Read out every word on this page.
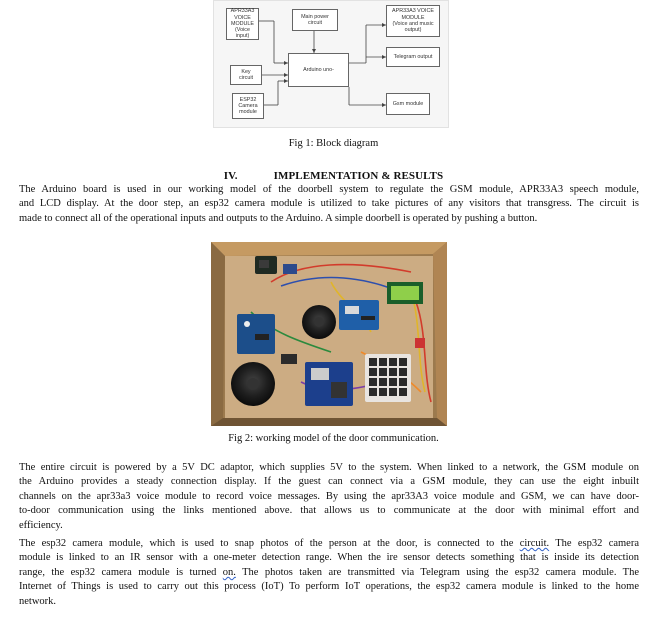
APR33A3
VOICE
MODULE
(Voice input)
Main power
circuit
APR33A3 VOICE
MODULE
(Voice and music
output)
Telegram output
Key
circuit
Arduino uno-
ESP32
Camera
module
Gsm module
Fig 1: Block diagram
IV.	IMPLEMENTATION & RESULTS

The Arduino board is used in our working model of the doorbell system to regulate the GSM module, APR33A3 speech module,
and LCD display. At the door step, an esp32 camera module is utilized to take pictures of any visitors that transgress. The circuit is
made to connect all of the operational inputs and outputs to the Arduino. A simple doorbell is operated by pushing a button.

Fig 2: working model of the door communication.

The entire circuit is powered by a 5V DC adaptor, which supplies 5V to the system. When linked to a network, the GSM module on
the Arduino provides a steady connection display. If the guest can connect via a GSM module, they can use the eight inbuilt
channels on the apr33a3 voice module to record voice messages. By using the apr33A3 voice module and GSM, we can have door-
to-door communication using the links mentioned above. that allows us to communicate at the door with minimal effort and
efficiency.

The esp32 camera module, which is used to snap photos of the person at the door, is connected to the circuit. The esp32 camera
module is linked to an IR sensor with a one-meter detection range. When the ire sensor detects something that is inside its detection
range, the esp32 camera module is turned on. The photos taken are transmitted via Telegram using the esp32 camera module. The
Internet of Things is used to carry out this process (IoT) To perform IoT operations, the esp32 camera module is linked to the home
network.
